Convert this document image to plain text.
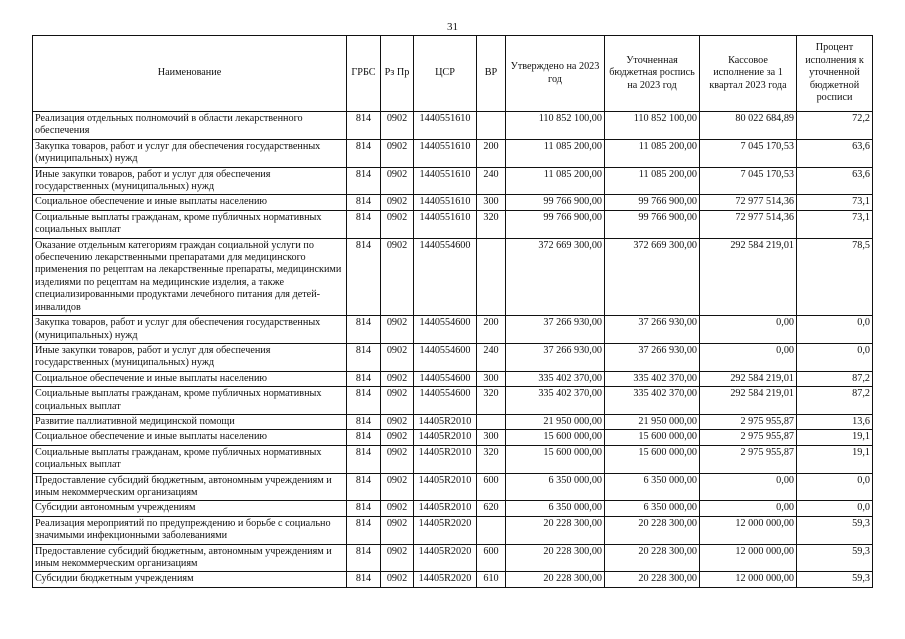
31
Наименование	ГРБС	Рз Пр	ЦСР	ВР	Утверждено на 2023 год	Уточненная бюджетная роспись на 2023 год	Кассовое исполнение за 1 квартал 2023 года	Процент исполнения к уточненной бюджетной росписи
Реализация отдельных полномочий в области лекарственного обеспечения	814	0902	1440551610		110 852 100,00	110 852 100,00	80 022 684,89	72,2
Закупка товаров, работ и услуг для обеспечения государственных (муниципальных) нужд	814	0902	1440551610	200	11 085 200,00	11 085 200,00	7 045 170,53	63,6
Иные закупки товаров, работ и услуг для обеспечения государственных (муниципальных) нужд	814	0902	1440551610	240	11 085 200,00	11 085 200,00	7 045 170,53	63,6
Социальное обеспечение и иные выплаты населению	814	0902	1440551610	300	99 766 900,00	99 766 900,00	72 977 514,36	73,1
Социальные выплаты гражданам, кроме публичных нормативных социальных выплат	814	0902	1440551610	320	99 766 900,00	99 766 900,00	72 977 514,36	73,1
Оказание отдельным категориям граждан социальной услуги по обеспечению лекарственными препаратами для медицинского применения по рецептам на лекарственные препараты, медицинскими изделиями по рецептам на медицинские изделия, а также специализированными продуктами лечебного питания для детей-инвалидов	814	0902	1440554600		372 669 300,00	372 669 300,00	292 584 219,01	78,5
Закупка товаров, работ и услуг для обеспечения государственных (муниципальных) нужд	814	0902	1440554600	200	37 266 930,00	37 266 930,00	0,00	0,0
Иные закупки товаров, работ и услуг для обеспечения государственных (муниципальных) нужд	814	0902	1440554600	240	37 266 930,00	37 266 930,00	0,00	0,0
Социальное обеспечение и иные выплаты населению	814	0902	1440554600	300	335 402 370,00	335 402 370,00	292 584 219,01	87,2
Социальные выплаты гражданам, кроме публичных нормативных социальных выплат	814	0902	1440554600	320	335 402 370,00	335 402 370,00	292 584 219,01	87,2
Развитие паллиативной медицинской помощи	814	0902	14405R2010		21 950 000,00	21 950 000,00	2 975 955,87	13,6
Социальное обеспечение и иные выплаты населению	814	0902	14405R2010	300	15 600 000,00	15 600 000,00	2 975 955,87	19,1
Социальные выплаты гражданам, кроме публичных нормативных социальных выплат	814	0902	14405R2010	320	15 600 000,00	15 600 000,00	2 975 955,87	19,1
Предоставление субсидий бюджетным, автономным учреждениям и иным некоммерческим организациям	814	0902	14405R2010	600	6 350 000,00	6 350 000,00	0,00	0,0
Субсидии автономным учреждениям	814	0902	14405R2010	620	6 350 000,00	6 350 000,00	0,00	0,0
Реализация мероприятий по предупреждению и борьбе с социально значимыми инфекционными заболеваниями	814	0902	14405R2020		20 228 300,00	20 228 300,00	12 000 000,00	59,3
Предоставление субсидий бюджетным, автономным учреждениям и иным некоммерческим организациям	814	0902	14405R2020	600	20 228 300,00	20 228 300,00	12 000 000,00	59,3
Субсидии бюджетным учреждениям	814	0902	14405R2020	610	20 228 300,00	20 228 300,00	12 000 000,00	59,3
